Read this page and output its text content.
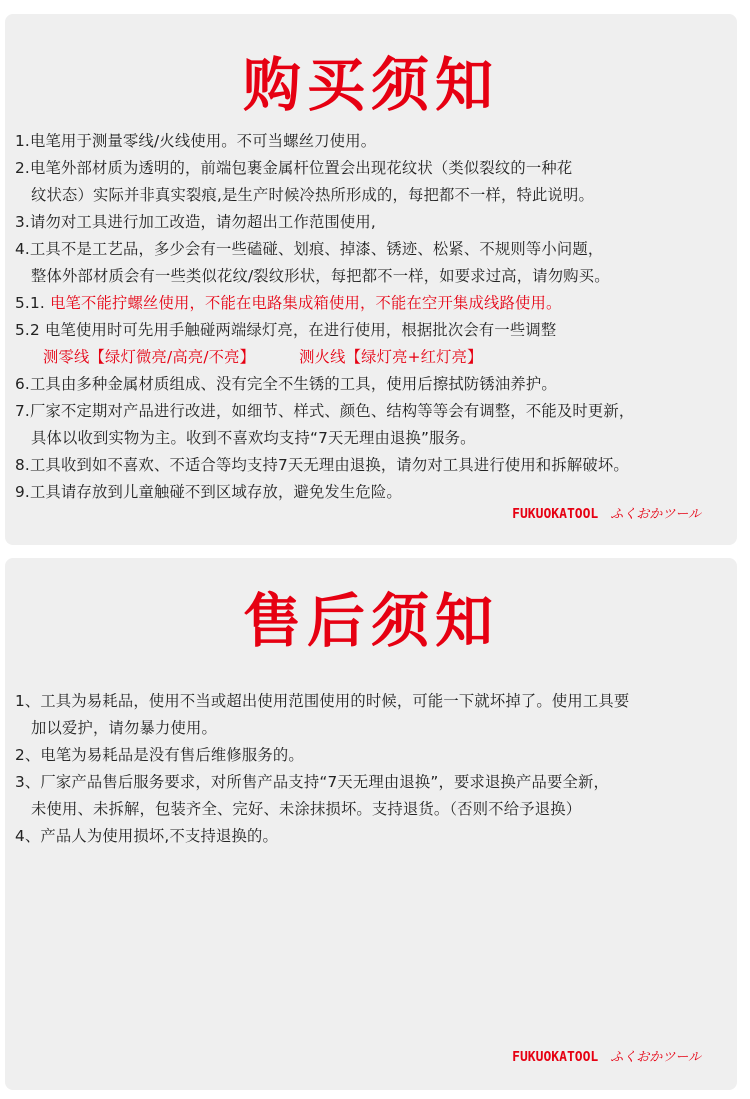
购买须知
1.电笔用于测量零线/火线使用。不可当螺丝刀使用。
2.电笔外部材质为透明的，前端包裹金属杆位置会出现花纹状（类似裂纹的一种花
纹状态）实际并非真实裂痕,是生产时候冷热所形成的，每把都不一样，特此说明。
3.请勿对工具进行加工改造，请勿超出工作范围使用,
4.工具不是工艺品，多少会有一些磕碰、划痕、掉漆、锈迹、松紧、不规则等小问题，
整体外部材质会有一些类似花纹/裂纹形状，每把都不一样，如要求过高，请勿购买。
5.1. 电笔不能拧螺丝使用，不能在电路集成箱使用，不能在空开集成线路使用。
5.2 电笔使用时可先用手触碰两端绿灯亮，在进行使用，根据批次会有一些调整
测零线【绿灯微亮/高亮/不亮】	测火线【绿灯亮+红灯亮】
6.工具由多种金属材质组成、没有完全不生锈的工具，使用后擦拭防锈油养护。
7.厂家不定期对产品进行改进，如细节、样式、颜色、结构等等会有调整，不能及时更新，
具体以收到实物为主。收到不喜欢均支持“7天无理由退换”服务。
8.工具收到如不喜欢、不适合等均支持7天无理由退换，请勿对工具进行使用和拆解破坏。
9.工具请存放到儿童触碰不到区域存放，避免发生危险。
FUKUOKATOOL ふくおかツール
售后须知
1、工具为易耗品，使用不当或超出使用范围使用的时候，可能一下就坏掉了。使用工具要
加以爱护，请勿暴力使用。
2、电笔为易耗品是没有售后维修服务的。
3、厂家产品售后服务要求，对所售产品支持“7天无理由退换”，要求退换产品要全新，
未使用、未拆解，包装齐全、完好、未涂抹损坏。支持退货。（否则不给予退换）
4、产品人为使用损坏,不支持退换的。
FUKUOKATOOL ふくおかツール
